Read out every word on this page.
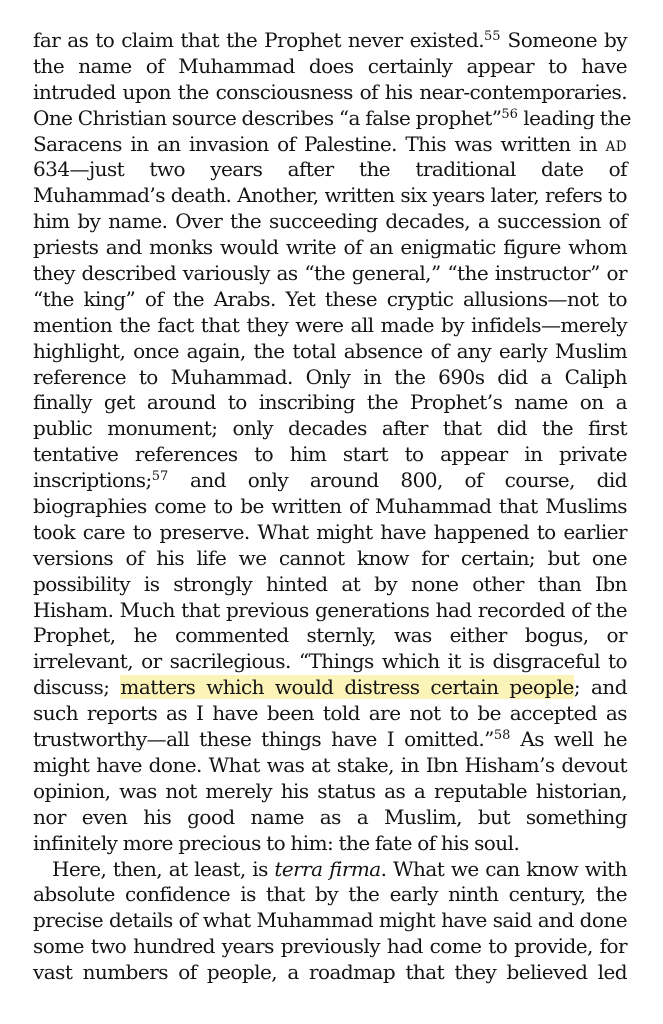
far as to claim that the Prophet never existed.$^{55}$ Someone by
the name of Muhammad does certainly appear to have
intruded upon the consciousness of his near-contemporaries.
One Christian source describes “a false prophet”$^{56}$ leading the
Saracens in an invasion of Palestine. This was written in AD
634—just two years after the traditional date of
Muhammad’s death. Another, written six years later, refers to
him by name. Over the succeeding decades, a succession of
priests and monks would write of an enigmatic figure whom
they described variously as “the general,” “the instructor” or
“the king” of the Arabs. Yet these cryptic allusions—not to
mention the fact that they were all made by infidels—merely
highlight, once again, the total absence of any early Muslim
reference to Muhammad. Only in the 690s did a Caliph
finally get around to inscribing the Prophet’s name on a
public monument; only decades after that did the first
tentative references to him start to appear in private
inscriptions;$^{57}$ and only around 800, of course, did
biographies come to be written of Muhammad that Muslims
took care to preserve. What might have happened to earlier
versions of his life we cannot know for certain; but one
possibility is strongly hinted at by none other than Ibn
Hisham. Much that previous generations had recorded of the
Prophet, he commented sternly, was either bogus, or
irrelevant, or sacrilegious. “Things which it is disgraceful to
discuss; matters which would distress certain people; and
such reports as I have been told are not to be accepted as
trustworthy—all these things have I omitted.”$^{58}$ As well he
might have done. What was at stake, in Ibn Hisham’s devout
opinion, was not merely his status as a reputable historian,
nor even his good name as a Muslim, but something
infinitely more precious to him: the fate of his soul.
Here, then, at least, is terra firma. What we can know with
absolute confidence is that by the early ninth century, the
precise details of what Muhammad might have said and done
some two hundred years previously had come to provide, for
vast numbers of people, a roadmap that they believed led
